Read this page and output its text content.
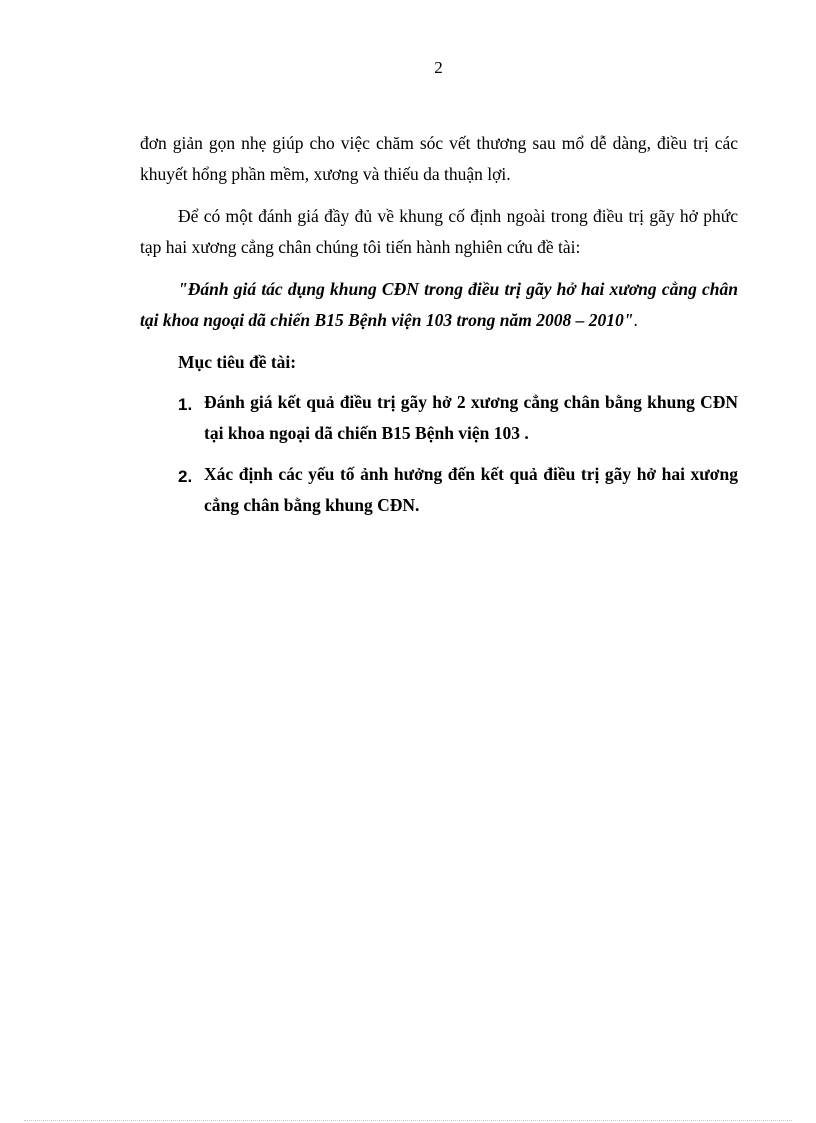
2

đơn giản gọn nhẹ giúp cho việc chăm sóc vết thương sau mổ dễ dàng, điều trị các khuyết hổng phần mềm, xương và thiếu da thuận lợi.

Để có một đánh giá đầy đủ về khung cố định ngoài trong điều trị gãy hở phức tạp hai xương cẳng chân chúng tôi tiến hành nghiên cứu đề tài:

"Đánh giá tác dụng khung CĐN trong điều trị gãy hở hai xương cẳng chân tại khoa ngoại dã chiến B15 Bệnh viện 103 trong năm 2008 – 2010".

Mục tiêu đề tài:

1. Đánh giá kết quả điều trị gãy hở 2 xương cẳng chân bằng khung CĐN tại khoa ngoại dã chiến B15 Bệnh viện 103 .
2. Xác định các yếu tố ảnh hưởng đến kết quả điều trị gãy hở hai xương cẳng chân bằng khung CĐN.
